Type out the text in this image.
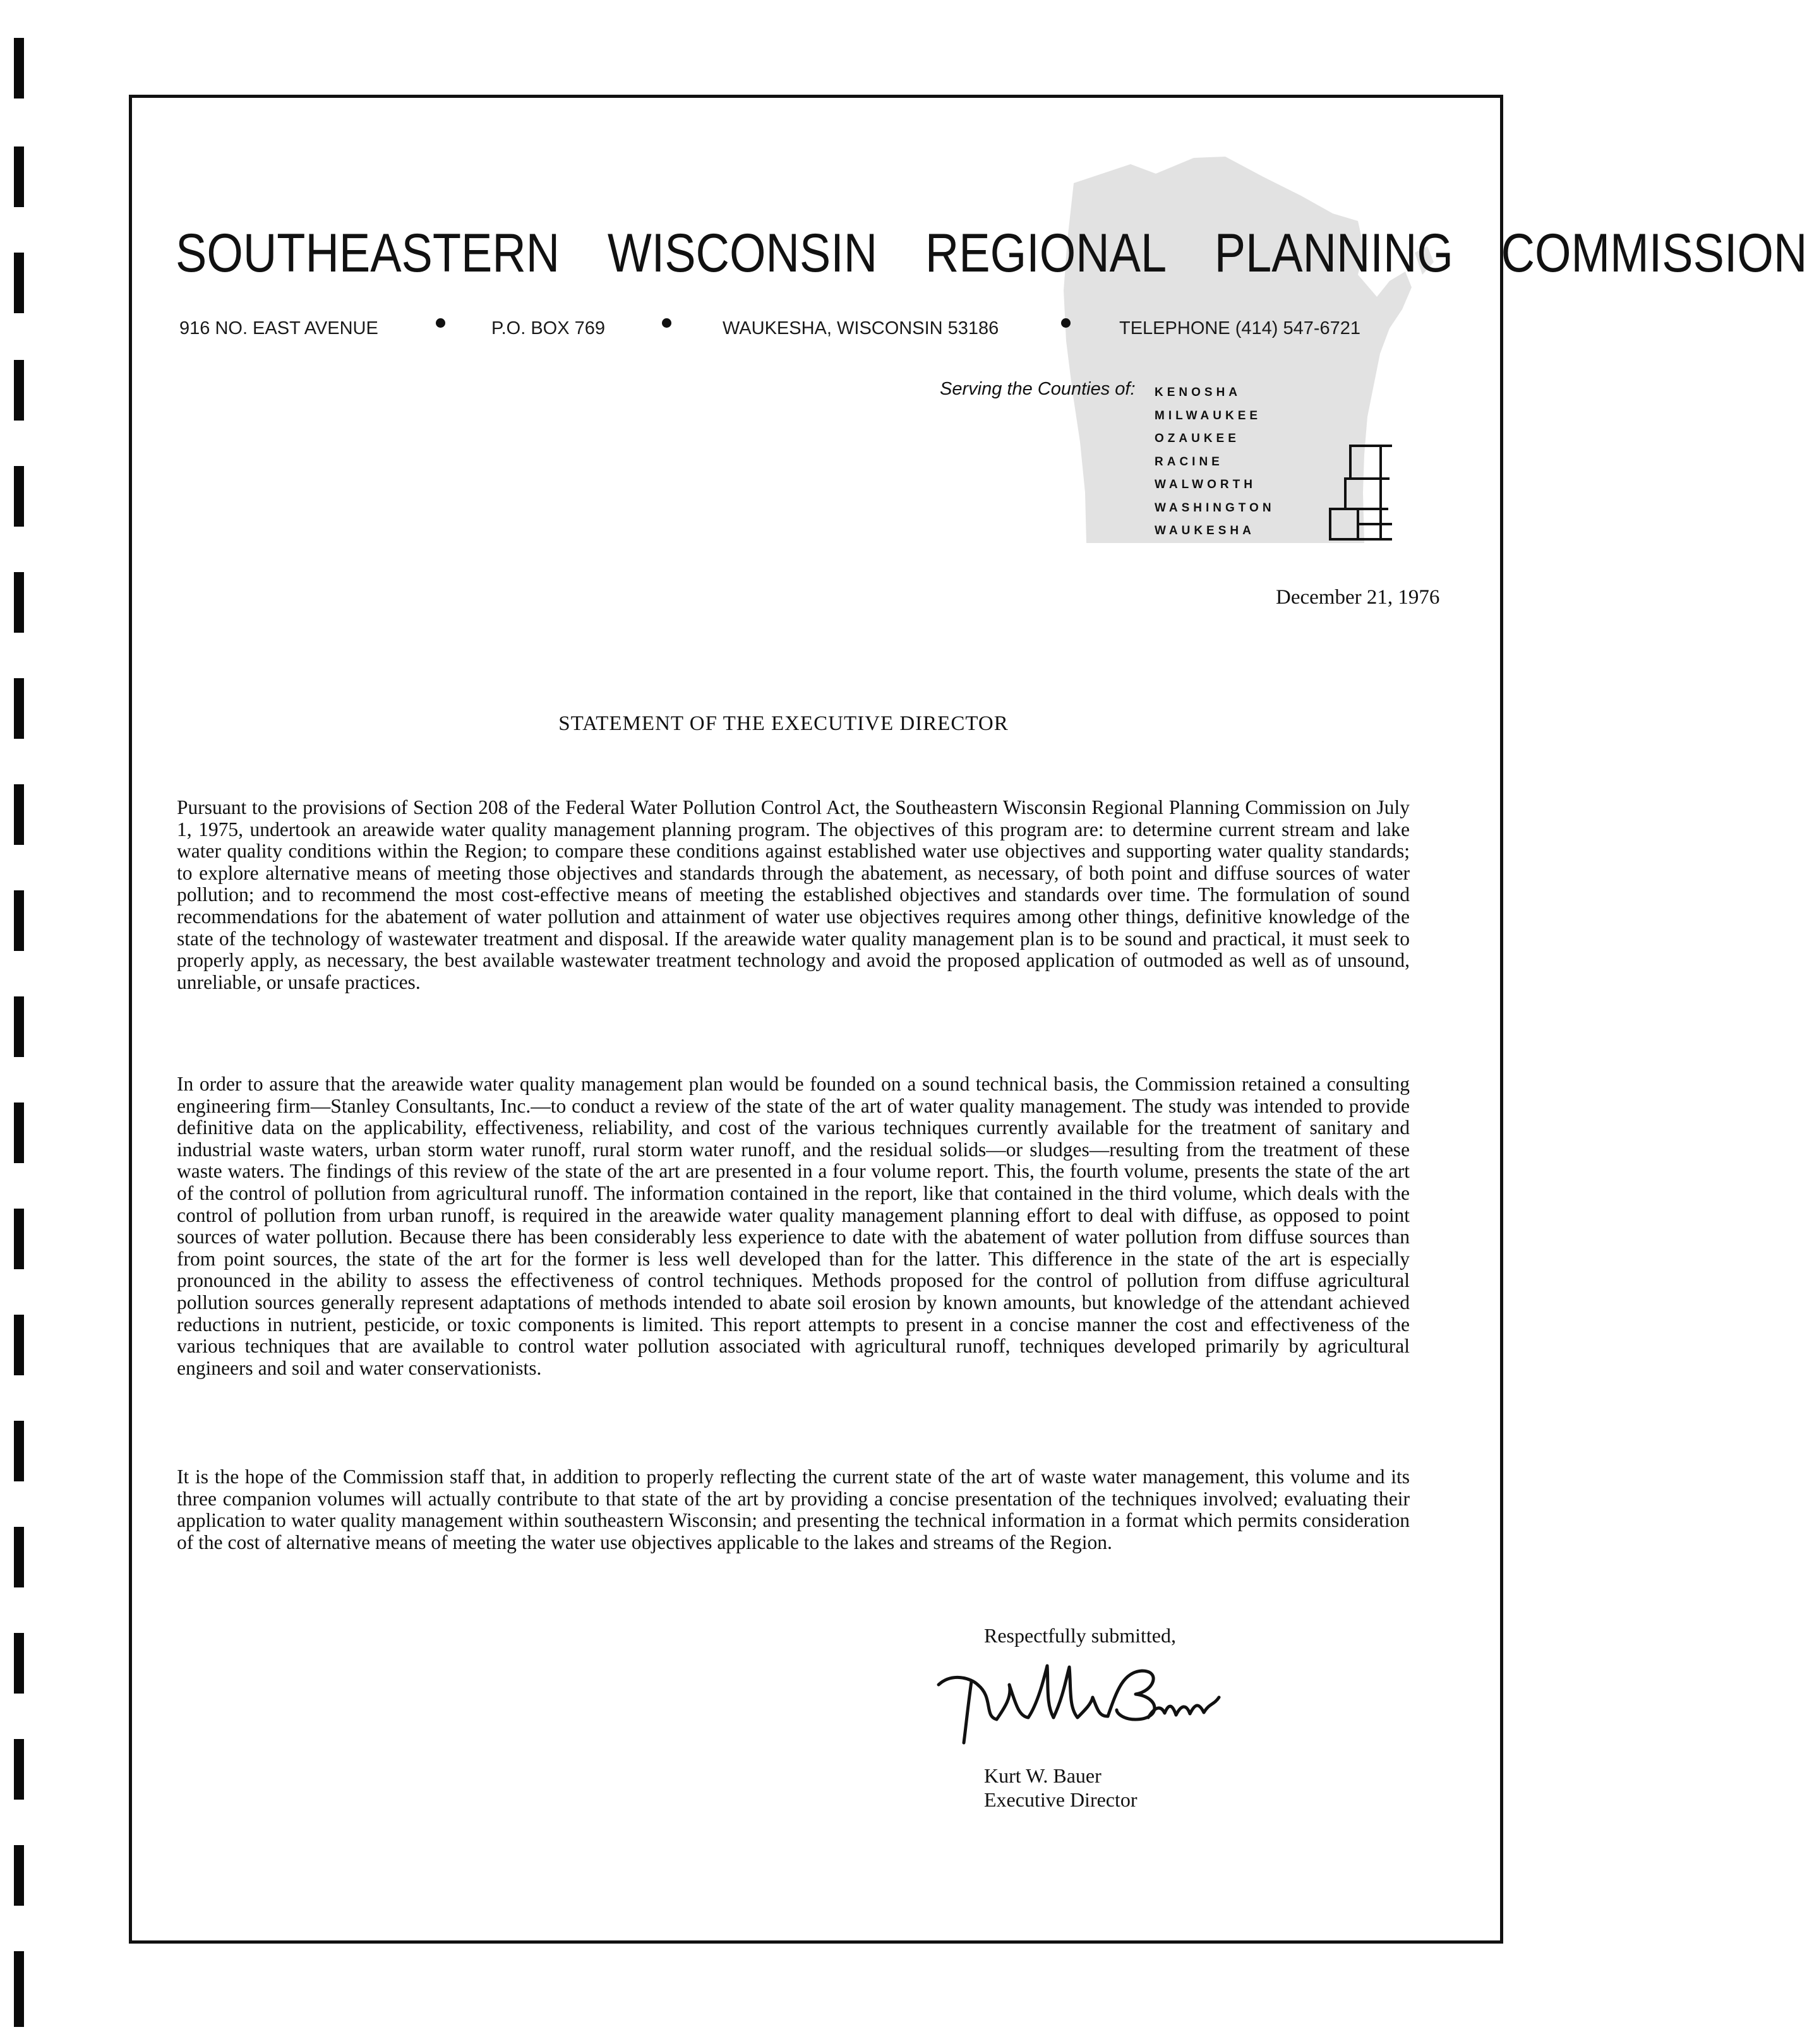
SOUTHEASTERN WISCONSIN REGIONAL PLANNING COMMISSION
916 NO. EAST AVENUE	P.O. BOX 769	WAUKESHA, WISCONSIN 53186	TELEPHONE (414) 547-6721
Serving the Counties of: KENOSHA
MILWAUKEE
OZAUKEE
RACINE
WALWORTH
WASHINGTON
WAUKESHA
December 21, 1976
STATEMENT OF THE EXECUTIVE DIRECTOR

Pursuant to the provisions of Section 208 of the Federal Water Pollution Control Act, the Southeastern Wisconsin Regional Planning Commission on July 1, 1975, undertook an areawide water quality management planning program. The objectives of this program are: to determine current stream and lake water quality conditions within the Region; to compare these conditions against established water use objectives and supporting water quality standards; to explore alternative means of meeting those objectives and standards through the abatement, as necessary, of both point and diffuse sources of water pollution; and to recommend the most cost-effective means of meeting the established objectives and standards over time. The formulation of sound recommendations for the abatement of water pollution and attainment of water use objectives requires among other things, definitive knowledge of the state of the technology of wastewater treatment and disposal. If the areawide water quality management plan is to be sound and practical, it must seek to properly apply, as necessary, the best available wastewater treatment technology and avoid the proposed application of outmoded as well as of unsound, unreliable, or unsafe practices.

In order to assure that the areawide water quality management plan would be founded on a sound technical basis, the Commission retained a consulting engineering firm—Stanley Consultants, Inc.—to conduct a review of the state of the art of water quality management. The study was intended to provide definitive data on the applicability, effectiveness, reliability, and cost of the various techniques currently available for the treatment of sanitary and industrial waste waters, urban storm water runoff, rural storm water runoff, and the residual solids—or sludges—resulting from the treatment of these waste waters. The findings of this review of the state of the art are presented in a four volume report. This, the fourth volume, presents the state of the art of the control of pollution from agricultural runoff. The information contained in the report, like that contained in the third volume, which deals with the control of pollution from urban runoff, is required in the areawide water quality management planning effort to deal with diffuse, as opposed to point sources of water pollution. Because there has been considerably less experience to date with the abatement of water pollution from diffuse sources than from point sources, the state of the art for the former is less well developed than for the latter. This difference in the state of the art is especially pronounced in the ability to assess the effectiveness of control techniques. Methods proposed for the control of pollution from diffuse agricultural pollution sources generally represent adaptations of methods intended to abate soil erosion by known amounts, but knowledge of the attendant achieved reductions in nutrient, pesticide, or toxic components is limited. This report attempts to present in a concise manner the cost and effectiveness of the various techniques that are available to control water pollution associated with agricultural runoff, techniques developed primarily by agricultural engineers and soil and water conservationists.

It is the hope of the Commission staff that, in addition to properly reflecting the current state of the art of waste water management, this volume and its three companion volumes will actually contribute to that state of the art by providing a concise presentation of the techniques involved; evaluating their application to water quality management within southeastern Wisconsin; and presenting the technical information in a format which permits consideration of the cost of alternative means of meeting the water use objectives applicable to the lakes and streams of the Region.

Respectfully submitted,
Kurt W. Bauer
Executive Director
